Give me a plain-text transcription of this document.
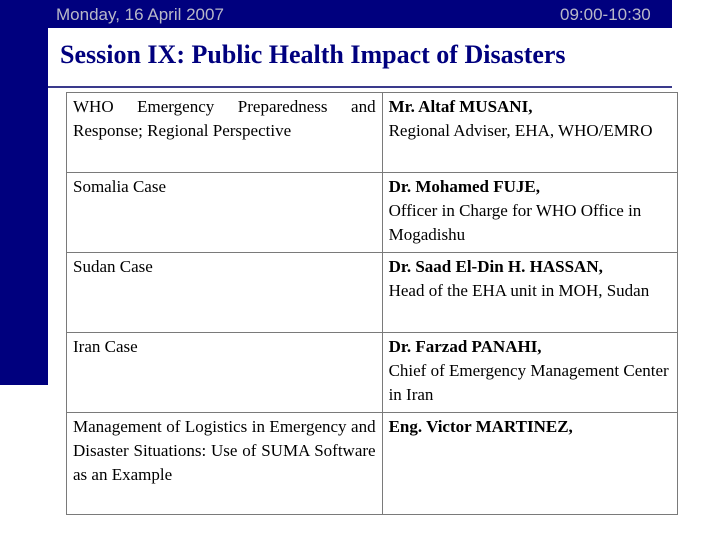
Monday, 16 April 2007	09:00-10:30
Session IX: Public Health Impact of Disasters
WHO Emergency Preparedness and Response; Regional Perspective	Mr. Altaf MUSANI,
Regional Adviser, EHA, WHO/EMRO

Somalia Case	Dr. Mohamed FUJE,
Officer in Charge for WHO Office in Mogadishu

Sudan Case	Dr. Saad El-Din H. HASSAN,
Head of the EHA unit in MOH, Sudan

Iran Case	Dr. Farzad PANAHI,
Chief of Emergency Management Center in Iran

Management of Logistics in Emergency and Disaster Situations: Use of SUMA Software as an Example	Eng. Victor MARTINEZ,
